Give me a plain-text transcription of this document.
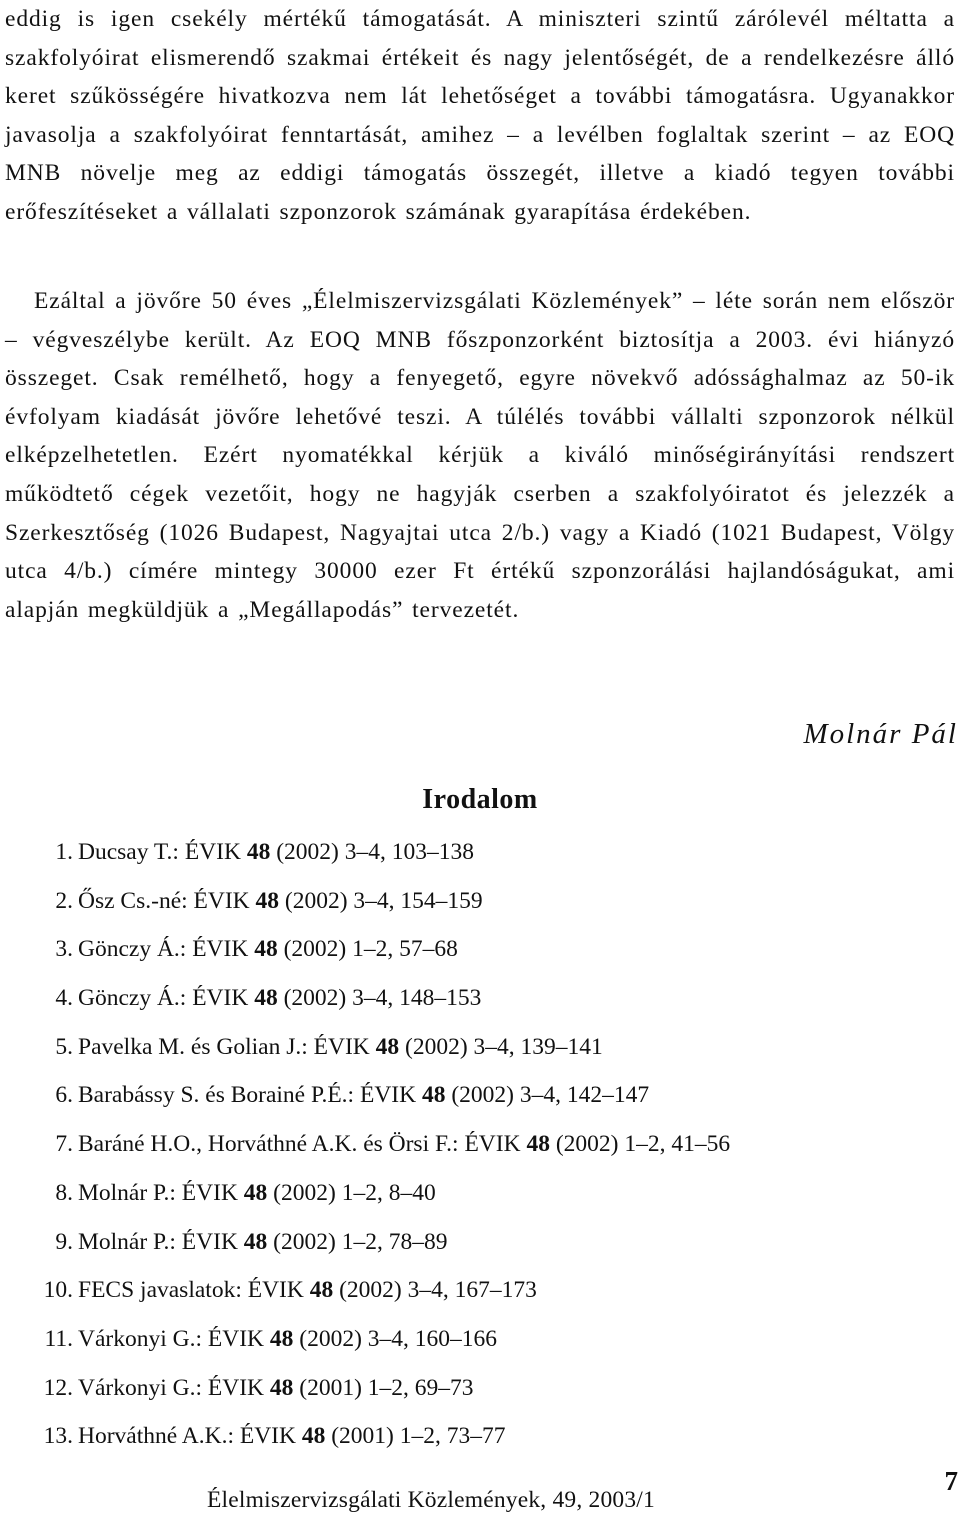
eddig is igen csekély mértékű támogatását. A miniszteri szintű zárólevél méltatta a szakfolyóirat elismerendő szakmai értékeit és nagy jelentőségét, de a rendelkezésre álló keret szűkösségére hivatkozva nem lát lehetőséget a további támogatásra. Ugyanakkor javasolja a szakfolyóirat fenntartását, amihez – a levélben foglaltak szerint – az EOQ MNB növelje meg az eddigi támogatás összegét, illetve a kiadó tegyen további erőfeszítéseket a vállalati szponzorok számának gyarapítása érdekében.

Ezáltal a jövőre 50 éves „Élelmiszervizsgálati Közlemények” – léte során nem először – végveszélybe került. Az EOQ MNB főszponzorként biztosítja a 2003. évi hiányzó összeget. Csak remélhető, hogy a fenyegető, egyre növekvő adóssághalmaz az 50-ik évfolyam kiadását jövőre lehetővé teszi. A túlélés további vállalti szponzorok nélkül elképzelhetetlen. Ezért nyomatékkal kérjük a kiváló minőségirányítási rendszert működtető cégek vezetőit, hogy ne hagyják cserben a szakfolyóiratot és jelezzék a Szerkesztőség (1026 Budapest, Nagyajtai utca 2/b.) vagy a Kiadó (1021 Budapest, Völgy utca 4/b.) címére mintegy 30000 ezer Ft értékű szponzorálási hajlandóságukat, ami alapján megküldjük a „Megállapodás” tervezetét.

Molnár Pál
Irodalom
1. Ducsay T.: ÉVIK 48 (2002) 3–4, 103–138
2. Ősz Cs.-né: ÉVIK 48 (2002) 3–4, 154–159
3. Gönczy Á.: ÉVIK 48 (2002) 1–2, 57–68
4. Gönczy Á.: ÉVIK 48 (2002) 3–4, 148–153
5. Pavelka M. és Golian J.: ÉVIK 48 (2002) 3–4, 139–141
6. Barabássy S. és Borainé P.É.: ÉVIK 48 (2002) 3–4, 142–147
7. Baráné H.O., Horváthné A.K. és Örsi F.: ÉVIK 48 (2002) 1–2, 41–56
8. Molnár P.: ÉVIK 48 (2002) 1–2, 8–40
9. Molnár P.: ÉVIK 48 (2002) 1–2, 78–89
10. FECS javaslatok: ÉVIK 48 (2002) 3–4, 167–173
11. Várkonyi G.: ÉVIK 48 (2002) 3–4, 160–166
12. Várkonyi G.: ÉVIK 48 (2001) 1–2, 69–73
13. Horváthné A.K.: ÉVIK 48 (2001) 1–2, 73–77
Élelmiszervizsgálati Közlemények, 49, 2003/1
7
